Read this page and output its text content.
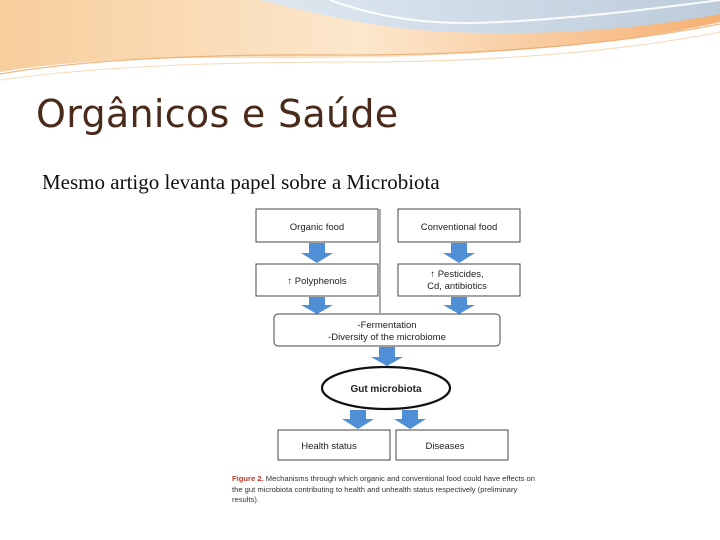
Orgânicos e Saúde
Mesmo artigo levanta papel sobre a Microbiota
Organic food	Conventional food
↑ Polyphenols
↑ Pesticides,
Cd, antibiotics
-Fermentation
-Diversity of the microbiome
Gut microbiota
Health status	Diseases
Figure 2. Mechanisms through which organic and conventional food could have effects on the gut microbiota contributing to health and unhealth status respectively (preliminary results).
